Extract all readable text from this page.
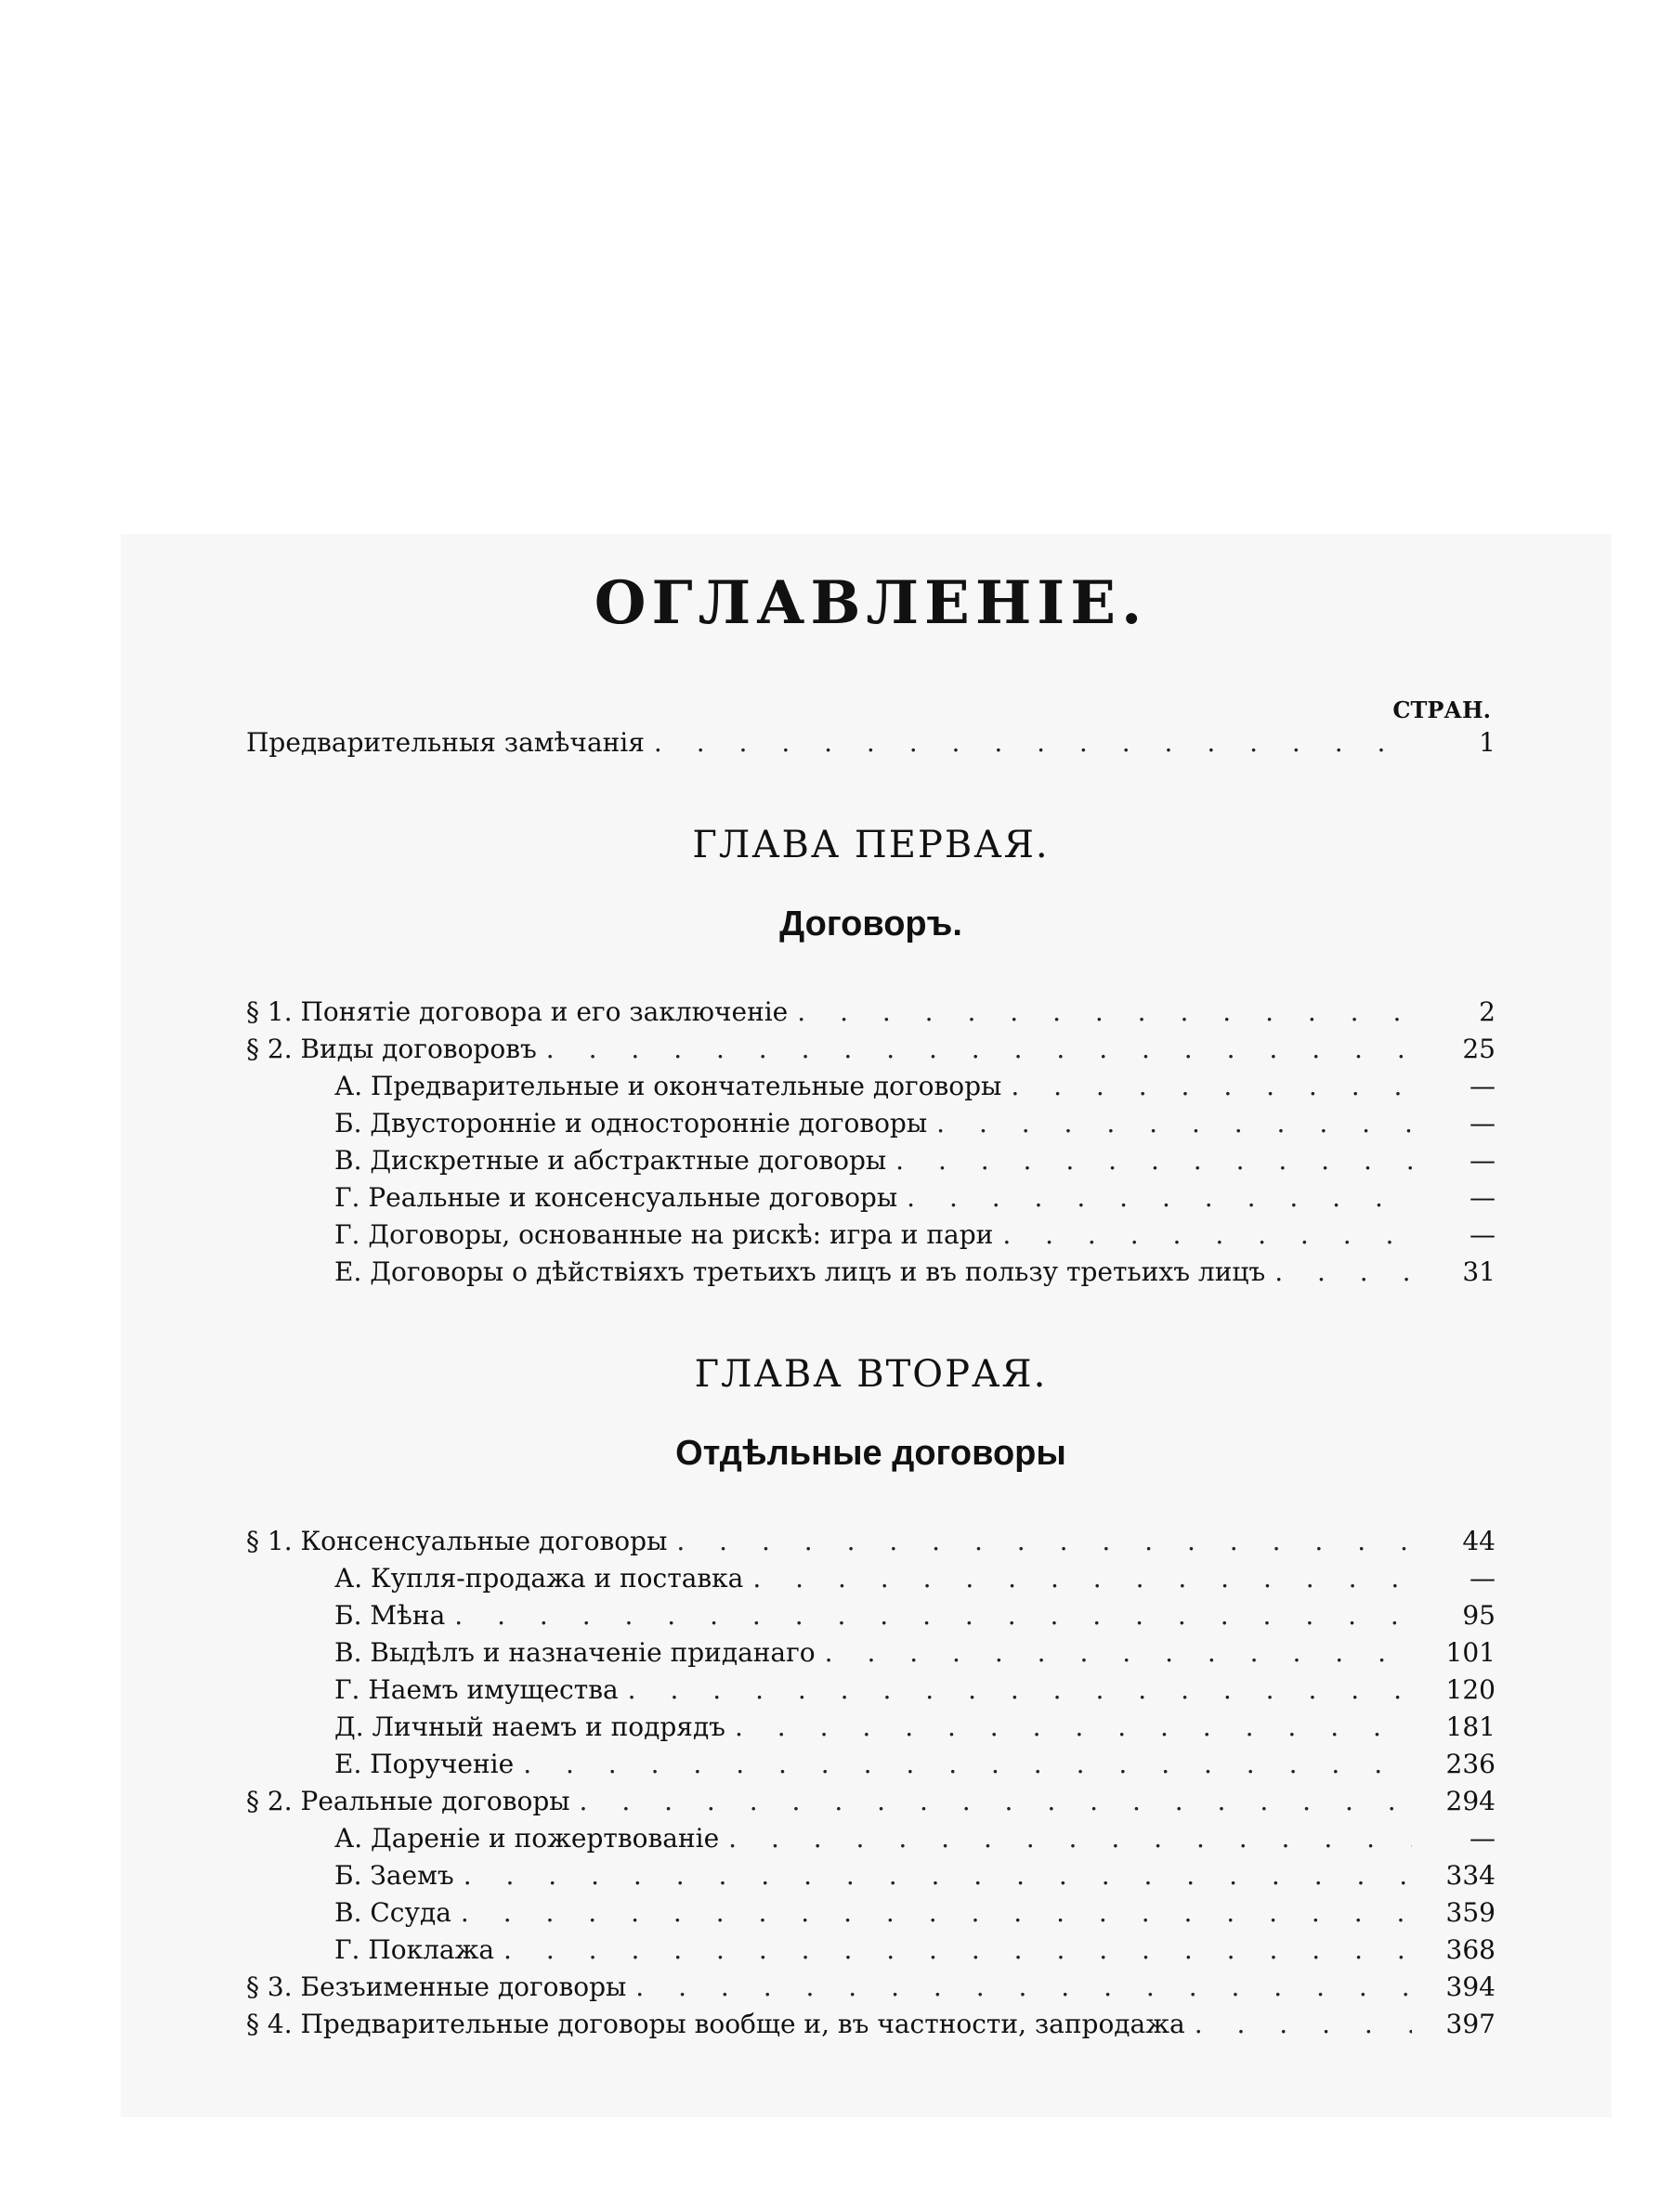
ОГЛАВЛЕНІЕ.
СТРАН.
Предварительныя замѣчанія . . .	1
ГЛАВА ПЕРВАЯ.
Договоръ.
§ 1. Понятіе договора и его заключеніе . . .	2
§ 2. Виды договоровъ . . .	25
А. Предварительные и окончательные договоры . . .	—
Б. Двусторонніе и односторонніе договоры . . .	—
В. Дискретные и абстрактные договоры . . .	—
Г. Реальные и консенсуальные договоры . . .	—
Г. Договоры, основанные на рискѣ: игра и пари . . .	—
Е. Договоры о дѣйствіяхъ третьихъ лицъ и въ пользу третьихъ лицъ . . .	31
ГЛАВА ВТОРАЯ.
Отдѣльные договоры
§ 1. Консенсуальные договоры . . .	44
А. Купля-продажа и поставка . . .	—
Б. Мѣна . . .	95
В. Выдѣлъ и назначеніе приданаго . . .	101
Г. Наемъ имущества . . .	120
Д. Личный наемъ и подрядъ . . .	181
Е. Порученіе . . .	236
§ 2. Реальные договоры . . .	294
А. Дареніе и пожертвованіе . . .	—
Б. Заемъ . . .	334
В. Ссуда . . .	359
Г. Поклажа . . .	368
§ 3. Безъименные договоры . . .	394
§ 4. Предварительные договоры вообще и, въ частности, запродажа . . .	397
